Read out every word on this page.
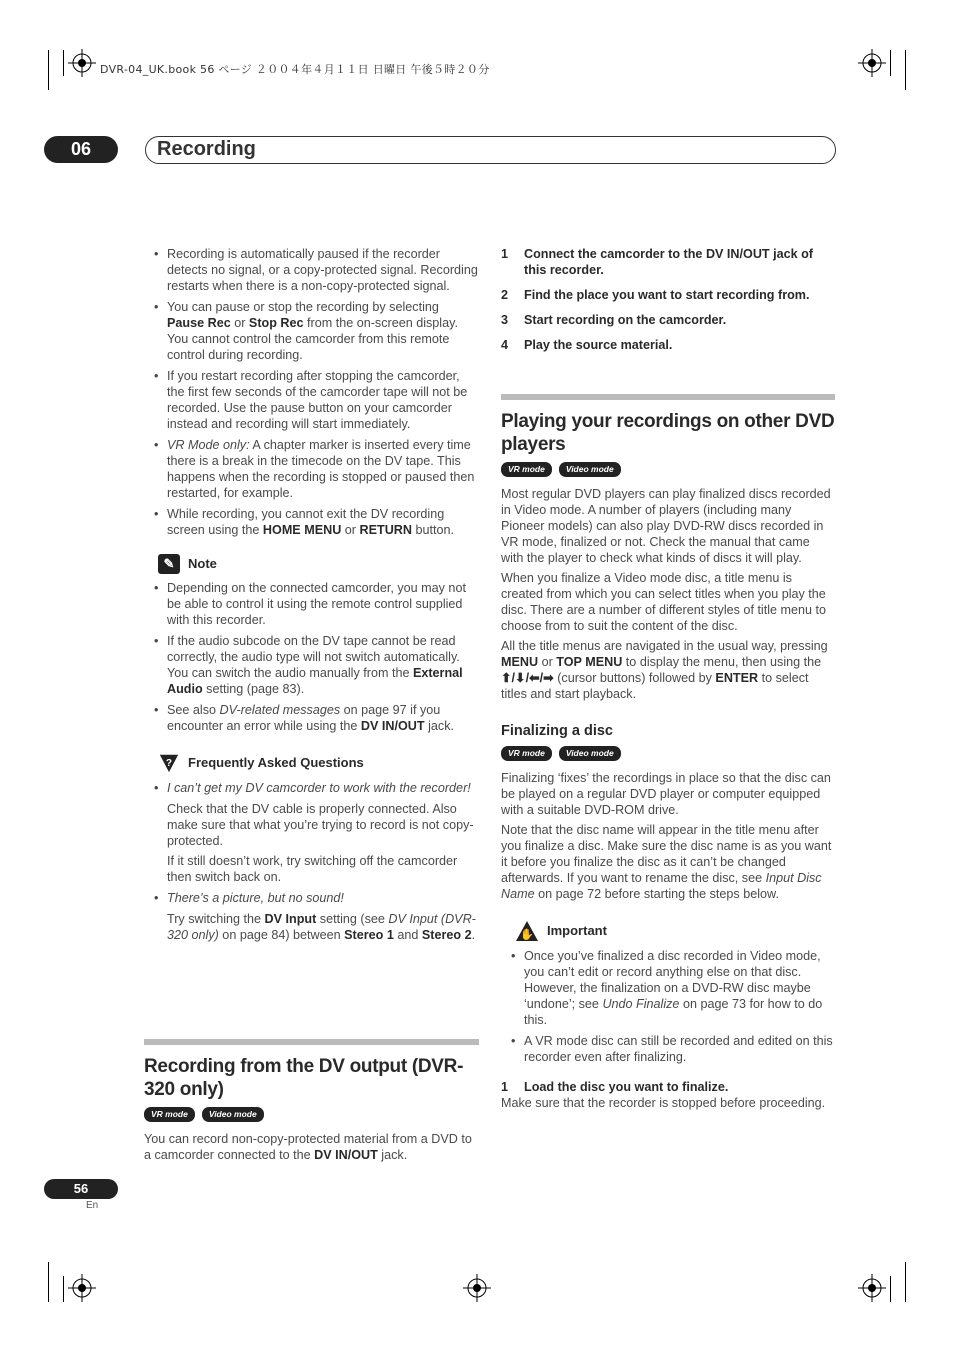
DVR-04_UK.book 56 ページ ２００４年４月１１日 日曜日 午後５時２０分
06	Recording
• Recording is automatically paused if the recorder detects no signal, or a copy-protected signal. Recording restarts when there is a non-copy-protected signal.
• You can pause or stop the recording by selecting Pause Rec or Stop Rec from the on-screen display. You cannot control the camcorder from this remote control during recording.
• If you restart recording after stopping the camcorder, the first few seconds of the camcorder tape will not be recorded. Use the pause button on your camcorder instead and recording will start immediately.
• VR Mode only: A chapter marker is inserted every time there is a break in the timecode on the DV tape. This happens when the recording is stopped or paused then restarted, for example.
• While recording, you cannot exit the DV recording screen using the HOME MENU or RETURN button.
✎	Note
• Depending on the connected camcorder, you may not be able to control it using the remote control supplied with this recorder.
• If the audio subcode on the DV tape cannot be read correctly, the audio type will not switch automatically. You can switch the audio manually from the External Audio setting (page 83).
• See also DV-related messages on page 97 if you encounter an error while using the DV IN/OUT jack.
? Frequently Asked Questions
• I can’t get my DV camcorder to work with the recorder!
Check that the DV cable is properly connected. Also make sure that what you’re trying to record is not copy-protected.
If it still doesn’t work, try switching off the camcorder then switch back on.
• There’s a picture, but no sound!
Try switching the DV Input setting (see DV Input (DVR-320 only) on page 84) between Stereo 1 and Stereo 2.
Recording from the DV output (DVR-320 only)
VR mode	Video mode

You can record non-copy-protected material from a DVD to a camcorder connected to the DV IN/OUT jack.

1	Connect the camcorder to the DV IN/OUT jack of this recorder.
2	Find the place you want to start recording from.
3	Start recording on the camcorder.
4	Play the source material.
Playing your recordings on other DVD players
VR mode	Video mode

Most regular DVD players can play finalized discs recorded in Video mode. A number of players (including many Pioneer models) can also play DVD-RW discs recorded in VR mode, finalized or not. Check the manual that came with the player to check what kinds of discs it will play.

When you finalize a Video mode disc, a title menu is created from which you can select titles when you play the disc. There are a number of different styles of title menu to choose from to suit the content of the disc.

All the title menus are navigated in the usual way, pressing MENU or TOP MENU to display the menu, then using the ⬆/⬇/⬅/➡ (cursor buttons) followed by ENTER to select titles and start playback.

Finalizing a disc
VR mode	Video mode

Finalizing ‘fixes’ the recordings in place so that the disc can be played on a regular DVD player or computer equipped with a suitable DVD-ROM drive.

Note that the disc name will appear in the title menu after you finalize a disc. Make sure the disc name is as you want it before you finalize the disc as it can’t be changed afterwards. If you want to rename the disc, see Input Disc Name on page 72 before starting the steps below.

✋ Important
• Once you’ve finalized a disc recorded in Video mode, you can’t edit or record anything else on that disc. However, the finalization on a DVD-RW disc maybe ‘undone’; see Undo Finalize on page 73 for how to do this.
• A VR mode disc can still be recorded and edited on this recorder even after finalizing.
1	Load the disc you want to finalize.

Make sure that the recorder is stopped before proceeding.

56
En
